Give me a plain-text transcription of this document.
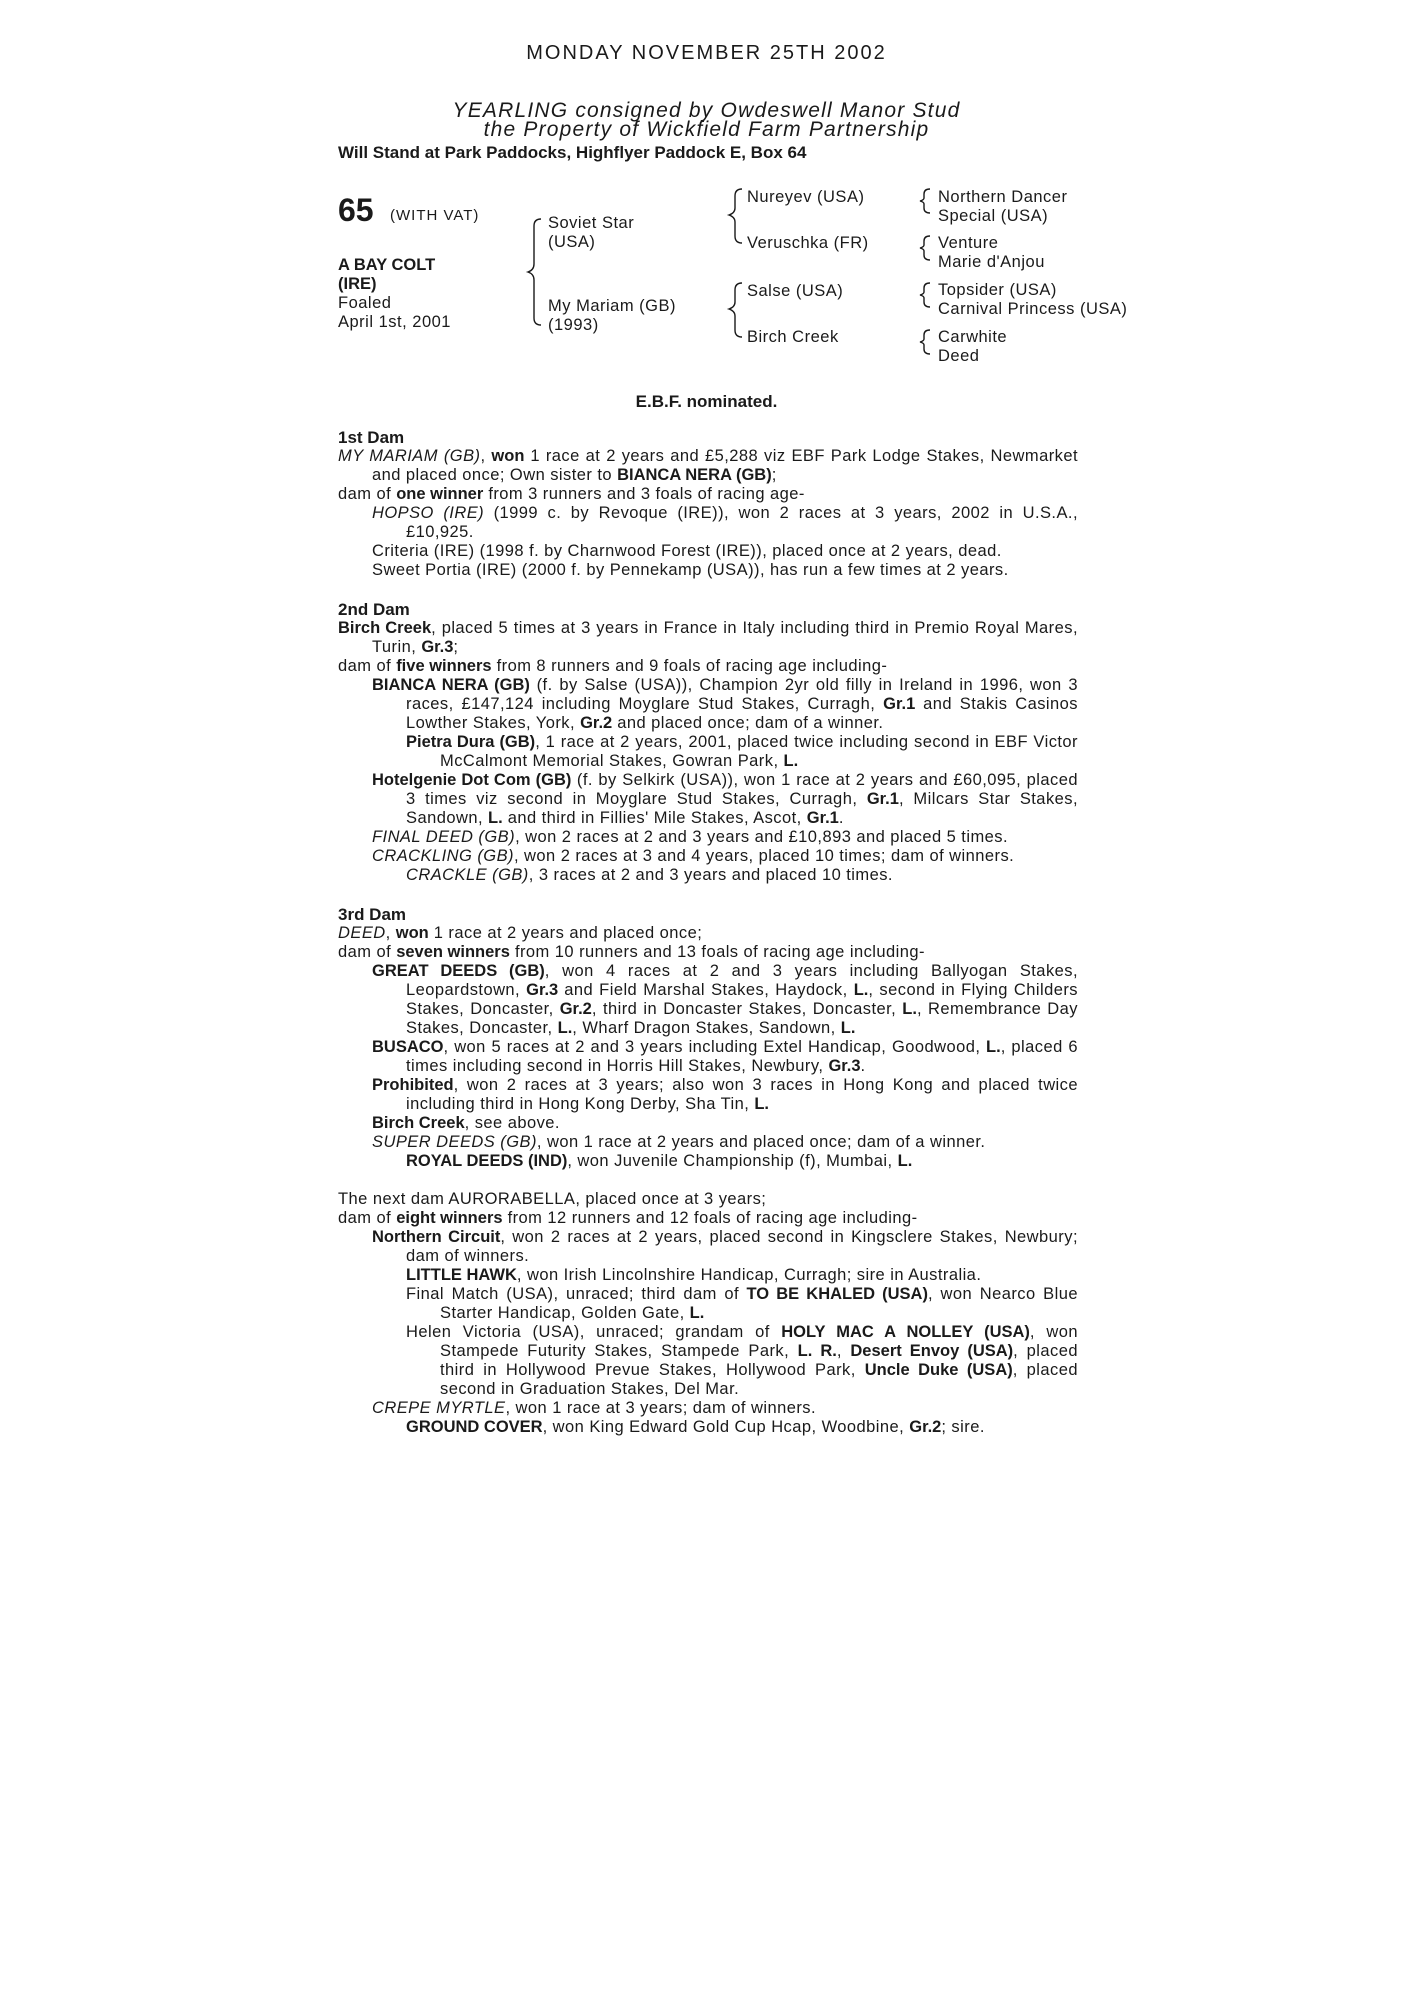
MONDAY NOVEMBER 25TH 2002
YEARLING consigned by Owdeswell Manor Stud
the Property of Wickfield Farm Partnership
Will Stand at Park Paddocks, Highflyer Paddock E, Box 64
65 (WITH VAT)
A BAY COLT
(IRE)
Foaled
April 1st, 2001
Soviet Star
(USA)
My Mariam (GB)
(1993)
Nureyev (USA)
Veruschka (FR)
Salse (USA)
Birch Creek
Northern Dancer
Special (USA)
Venture
Marie d'Anjou
Topsider (USA)
Carnival Princess (USA)
Carwhite
Deed
E.B.F. nominated.

1st Dam

MY MARIAM (GB), won 1 race at 2 years and £5,288 viz EBF Park Lodge Stakes, Newmarket and placed once; Own sister to BIANCA NERA (GB);

dam of one winner from 3 runners and 3 foals of racing age-

HOPSO (IRE) (1999 c. by Revoque (IRE)), won 2 races at 3 years, 2002 in U.S.A., £10,925.

Criteria (IRE) (1998 f. by Charnwood Forest (IRE)), placed once at 2 years, dead.

Sweet Portia (IRE) (2000 f. by Pennekamp (USA)), has run a few times at 2 years.

2nd Dam

Birch Creek, placed 5 times at 3 years in France in Italy including third in Premio Royal Mares, Turin, Gr.3;

dam of five winners from 8 runners and 9 foals of racing age including-

BIANCA NERA (GB) (f. by Salse (USA)), Champion 2yr old filly in Ireland in 1996, won 3 races, £147,124 including Moyglare Stud Stakes, Curragh, Gr.1 and Stakis Casinos Lowther Stakes, York, Gr.2 and placed once; dam of a winner.

Pietra Dura (GB), 1 race at 2 years, 2001, placed twice including second in EBF Victor McCalmont Memorial Stakes, Gowran Park, L.

Hotelgenie Dot Com (GB) (f. by Selkirk (USA)), won 1 race at 2 years and £60,095, placed 3 times viz second in Moyglare Stud Stakes, Curragh, Gr.1, Milcars Star Stakes, Sandown, L. and third in Fillies' Mile Stakes, Ascot, Gr.1.

FINAL DEED (GB), won 2 races at 2 and 3 years and £10,893 and placed 5 times.

CRACKLING (GB), won 2 races at 3 and 4 years, placed 10 times; dam of winners.

CRACKLE (GB), 3 races at 2 and 3 years and placed 10 times.

3rd Dam

DEED, won 1 race at 2 years and placed once;

dam of seven winners from 10 runners and 13 foals of racing age including-

GREAT DEEDS (GB), won 4 races at 2 and 3 years including Ballyogan Stakes, Leopardstown, Gr.3 and Field Marshal Stakes, Haydock, L., second in Flying Childers Stakes, Doncaster, Gr.2, third in Doncaster Stakes, Doncaster, L., Remembrance Day Stakes, Doncaster, L., Wharf Dragon Stakes, Sandown, L.

BUSACO, won 5 races at 2 and 3 years including Extel Handicap, Goodwood, L., placed 6 times including second in Horris Hill Stakes, Newbury, Gr.3.

Prohibited, won 2 races at 3 years; also won 3 races in Hong Kong and placed twice including third in Hong Kong Derby, Sha Tin, L.

Birch Creek, see above.

SUPER DEEDS (GB), won 1 race at 2 years and placed once; dam of a winner.

ROYAL DEEDS (IND), won Juvenile Championship (f), Mumbai, L.

The next dam AURORABELLA, placed once at 3 years;

dam of eight winners from 12 runners and 12 foals of racing age including-

Northern Circuit, won 2 races at 2 years, placed second in Kingsclere Stakes, Newbury; dam of winners.

LITTLE HAWK, won Irish Lincolnshire Handicap, Curragh; sire in Australia.

Final Match (USA), unraced; third dam of TO BE KHALED (USA), won Nearco Blue Starter Handicap, Golden Gate, L.

Helen Victoria (USA), unraced; grandam of HOLY MAC A NOLLEY (USA), won Stampede Futurity Stakes, Stampede Park, L. R., Desert Envoy (USA), placed third in Hollywood Prevue Stakes, Hollywood Park, Uncle Duke (USA), placed second in Graduation Stakes, Del Mar.

CREPE MYRTLE, won 1 race at 3 years; dam of winners.

GROUND COVER, won King Edward Gold Cup Hcap, Woodbine, Gr.2; sire.
